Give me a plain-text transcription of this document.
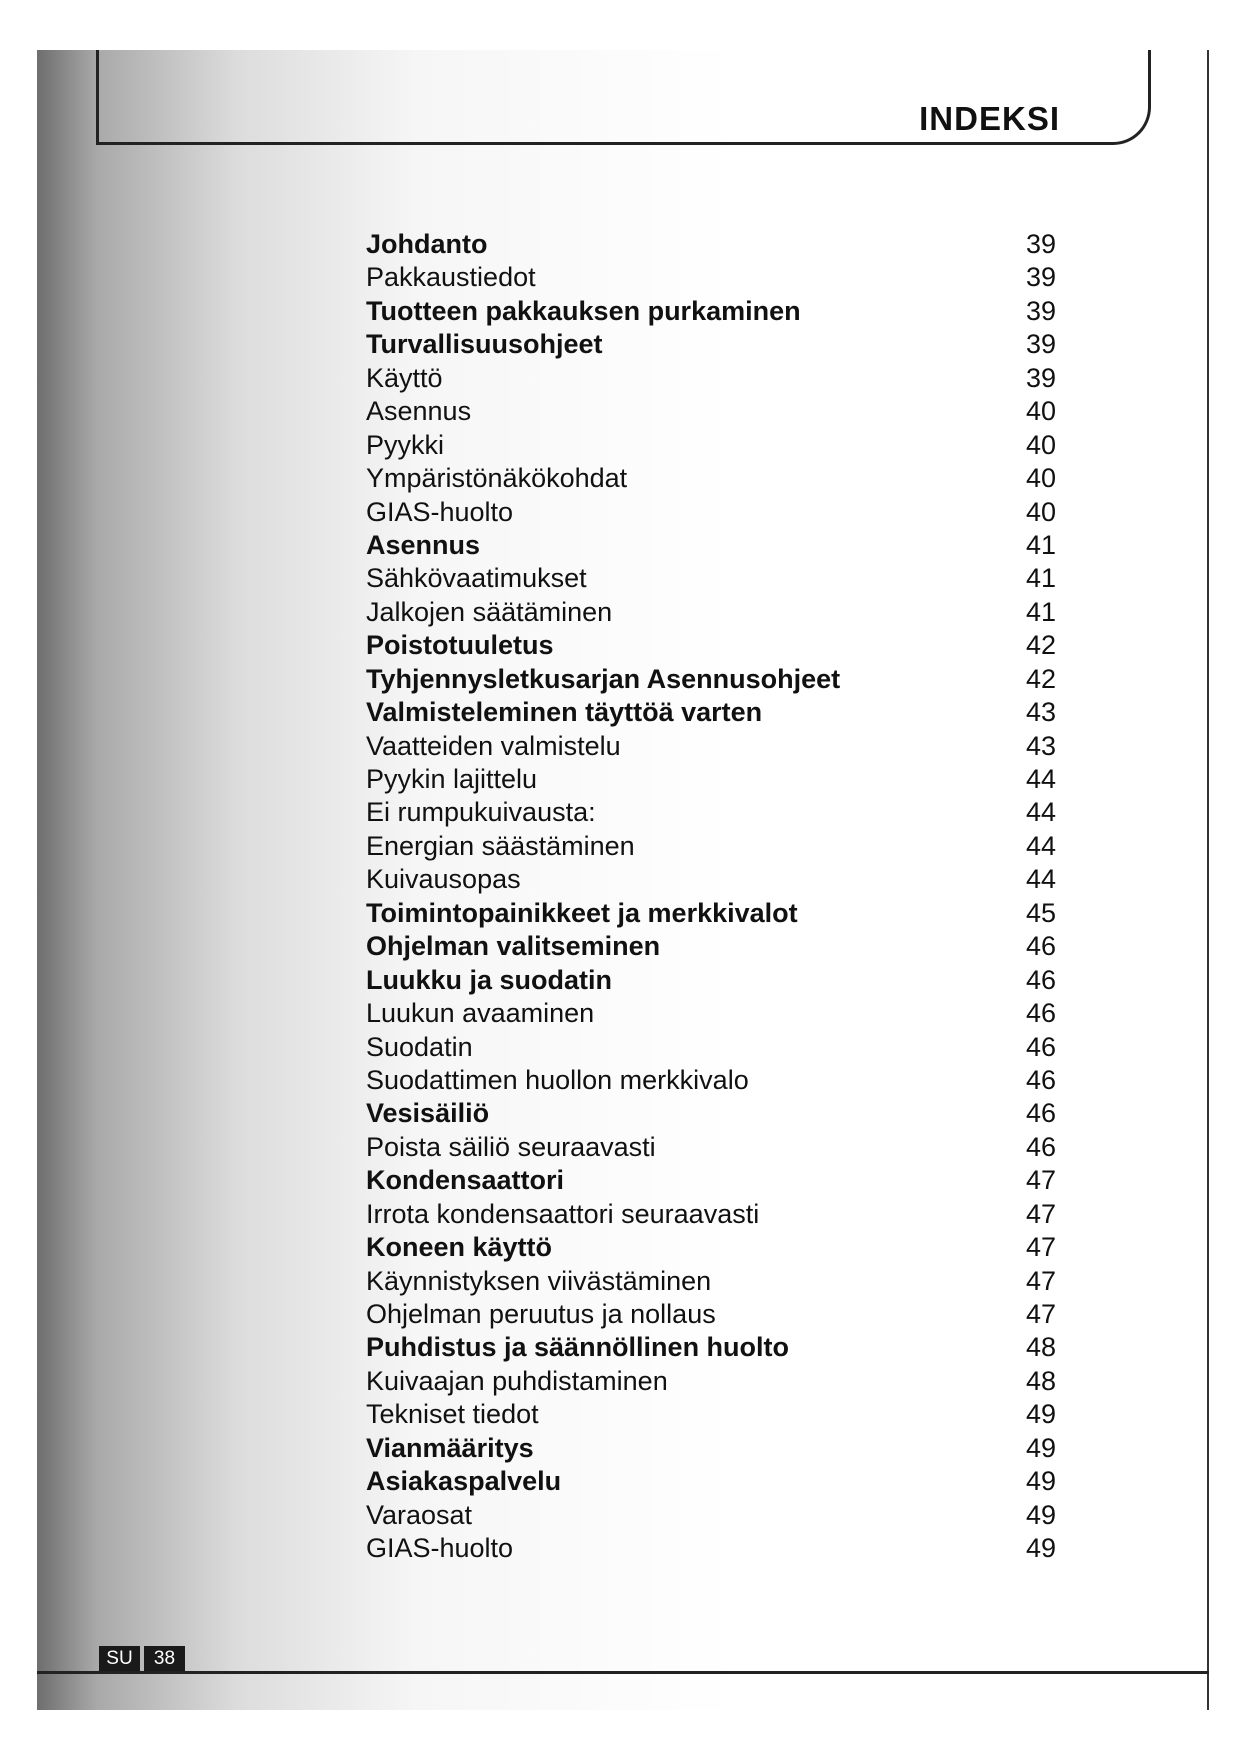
INDEKSI
Johdanto	39
Pakkaustiedot	39
Tuotteen pakkauksen purkaminen	39
Turvallisuusohjeet	39
Käyttö	39
Asennus	40
Pyykki	40
Ympäristönäkökohdat	40
GIAS-huolto	40
Asennus	41
Sähkövaatimukset	41
Jalkojen säätäminen	41
Poistotuuletus	42
Tyhjennysletkusarjan Asennusohjeet	42
Valmisteleminen täyttöä varten	43
Vaatteiden valmistelu	43
Pyykin lajittelu	44
Ei rumpukuivausta:	44
Energian säästäminen	44
Kuivausopas	44
Toimintopainikkeet ja merkkivalot	45
Ohjelman valitseminen	46
Luukku ja suodatin	46
Luukun avaaminen	46
Suodatin	46
Suodattimen huollon merkkivalo	46
Vesisäiliö	46
Poista säiliö seuraavasti	46
Kondensaattori	47
Irrota kondensaattori seuraavasti	47
Koneen käyttö	47
Käynnistyksen viivästäminen	47
Ohjelman peruutus ja nollaus	47
Puhdistus ja säännöllinen huolto	48
Kuivaajan puhdistaminen	48
Tekniset tiedot	49
Vianmääritys	49
Asiakaspalvelu	49
Varaosat	49
GIAS-huolto	49
SU	38
